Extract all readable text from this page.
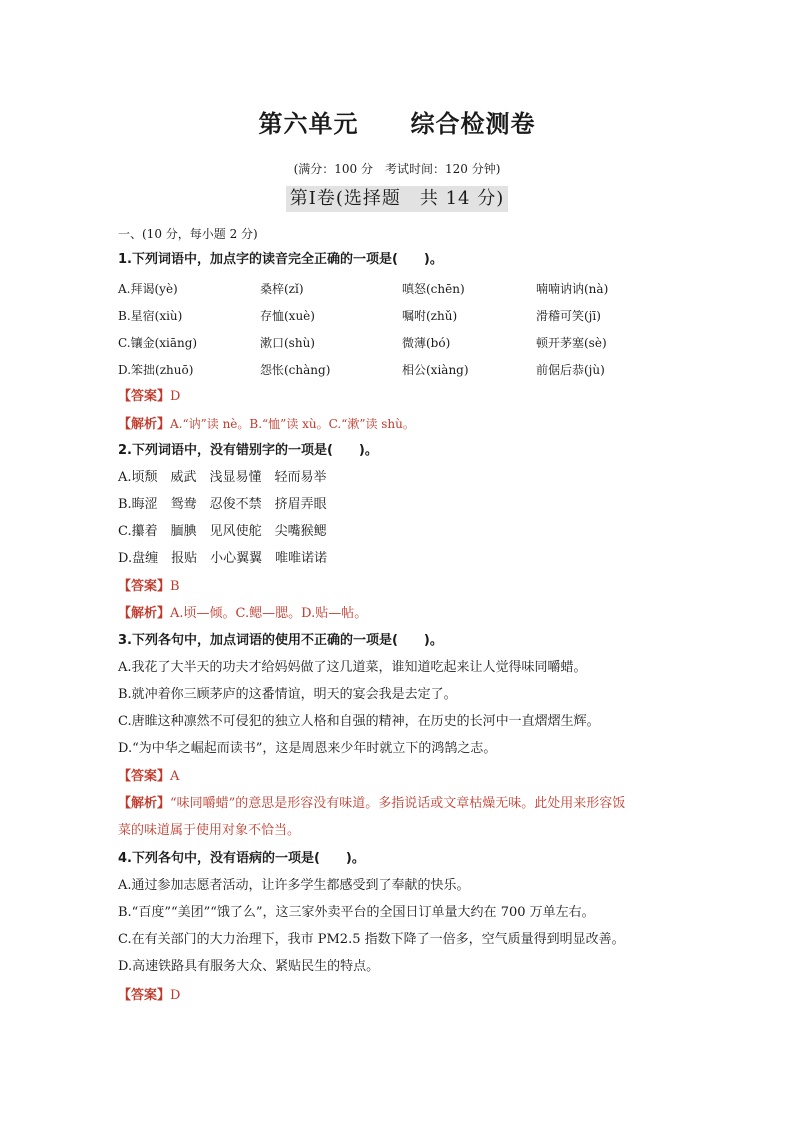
第六单元 综合检测卷
(满分：100 分　考试时间：120 分钟)
第Ⅰ卷(选择题　共 14 分)
一、(10 分，每小题 2 分)
1.下列词语中，加点字的读音完全正确的一项是(　　)。
A.拜谒(yè)	桑梓(zǐ)	嗔怒(chēn)	喃喃讷讷(nà)
B.星宿(xiù)	存恤(xuè)	嘱咐(zhǔ)	滑稽可笑(jī)
C.镶金(xiāng)	漱口(shù)	微薄(bó)	顿开茅塞(sè)
D.笨拙(zhuō)	怨怅(chàng)	相公(xiàng)	前倨后恭(jù)
【答案】D
【解析】A.“讷”读 nè。B.“恤”读 xù。C.“漱”读 shù。
2.下列词语中，没有错别字的一项是(　　)。
A.顷颓　威武　浅显易懂　轻而易举
B.晦涩　鸳鸯　忍俊不禁　挤眉弄眼
C.攥着　腼腆　见风使舵　尖嘴猴鳃
D.盘缠　报贴　小心翼翼　唯唯诺诺
【答案】B
【解析】A.顷—倾。C.鳃—腮。D.贴—帖。
3.下列各句中，加点词语的使用不正确的一项是(　　)。
A.我花了大半天的功夫才给妈妈做了这几道菜，谁知道吃起来让人觉得味同嚼蜡。
B.就冲着你三顾茅庐的这番情谊，明天的宴会我是去定了。
C.唐睢这种凛然不可侵犯的独立人格和自强的精神，在历史的长河中一直熠熠生辉。
D.“为中华之崛起而读书”，这是周恩来少年时就立下的鸿鹄之志。
【答案】A
【解析】“味同嚼蜡”的意思是形容没有味道。多指说话或文章枯燥无味。此处用来形容饭
菜的味道属于使用对象不恰当。
4.下列各句中，没有语病的一项是(　　)。
A.通过参加志愿者活动，让许多学生都感受到了奉献的快乐。
B.“百度”“美团”“饿了么”，这三家外卖平台的全国日订单量大约在 700 万单左右。
C.在有关部门的大力治理下，我市 PM2.5 指数下降了一倍多，空气质量得到明显改善。
D.高速铁路具有服务大众、紧贴民生的特点。
【答案】D
